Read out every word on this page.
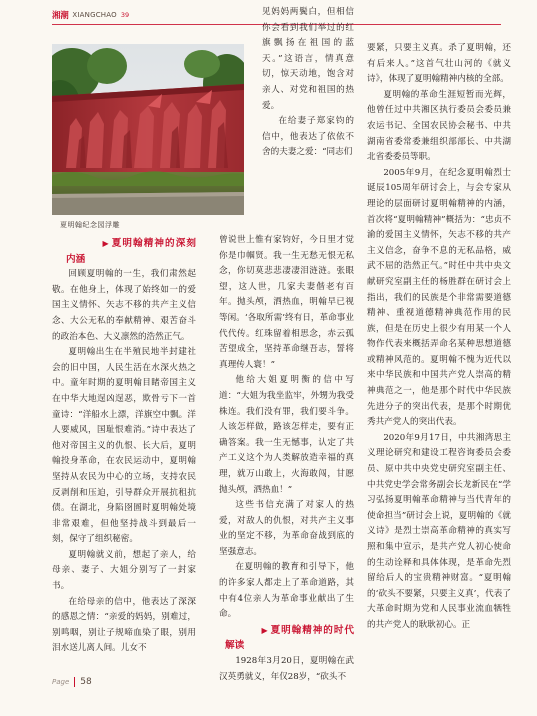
湘潮 XIANGCHAO 39
夏明翰纪念园浮雕

▶ 夏明翰精神的深刻内涵

回顾夏明翰的一生，我们肃然起敬。在他身上，体现了始终如一的爱国主义情怀、矢志不移的共产主义信念、大公无私的奉献精神、艰苦奋斗的政治本色、大义凛然的浩然正气。

夏明翰出生在半殖民地半封建社会的旧中国，人民生活在水深火热之中。童年时期的夏明翰目睹帝国主义在中华大地逞凶逞恶，欺骨亏下一首童诗：“洋船水上漂，洋旗空中飘。洋人要威风，国耻恨难消。”诗中表达了他对帝国主义的仇恨、长大后，夏明翰投身革命，在农民运动中，夏明翰坚持从农民为中心的立场，支持农民反剥削和压迫，引导群众开展抗租抗债。在湖北，身陷囹圄时夏明翰处境非常艰难，但他坚持战斗到最后一刻，保守了组织秘密。

夏明翰就义前，想起了亲人，给母亲、妻子、大姐分别写了一封家书。

在给母亲的信中，他表达了深深的感恩之情：“亲爱的妈妈，别难过，别鸣咽，别让子规啼血染了眼，别用泪水送儿离人间。儿女不

见妈妈两鬓白，但相信你会看到我们举过的红旗飘扬在祖国的蓝天。”这语言，情真意切，惊天动地，饱含对亲人、对党和祖国的热爱。

在给妻子郑家钧的信中，他表达了依依不舍的夫妻之爱：“同志们

曾说世上惟有家钧好，今日里才觉你是巾帼贤。我一生无愁无恨无私念，你切莫悲悲凄凄泪涟涟。张眼望，这人世，几家夫妻偕老有百年。抛头颅，洒热血，明翰早已视等闲。‘各取所需’终有日，革命事业代代传。红珠留着相思念，赤云孤苦望成全，坚持革命继吾志，誓将真理传人寰！”

他给大姐夏明衡的信中写道：“大姐为我坐监牢，外甥为我受株连。我们没有罪，我们要斗争。人该怎样做，路该怎样走，要有正确答案。我一生无憾事，认定了共产工义这个为人类解放造幸福的真理，就万山敢上，火海敢闯，甘愿抛头颅，洒热血！”

这些书信充满了对家人的热爱，对敌人的仇恨，对共产主义事业的坚定不移，为革命奋战到底的坚强意志。

在夏明翰的教育和引导下，他的许多家人都走上了革命道路，其中有4位亲人为革命事业献出了生命。

▶ 夏明翰精神的时代解读

1928年3月20日，夏明翰在武汉英勇就义，年仅28岁，“砍头不

要紧，只要主义真。杀了夏明翰，还有后来人。”这首气壮山河的《就义诗》，体现了夏明翰精神内核的全部。

夏明翰的革命生涯短暂而光辉，他曾任过中共湘区执行委员会委员兼农运书记、全国农民协会秘书、中共湖南省委常委兼组织部部长、中共湖北省委委员等职。

2005年9月，在纪念夏明翰烈士诞辰105周年研讨会上，与会专家从理论的层面研讨夏明翰精神的内涵，首次将“夏明翰精神”概括为：“忠贞不渝的爱国主义情怀，矢志不移的共产主义信念，奋争不息的无私品格，威武不屈的浩然正气。”时任中共中央文献研究室副主任的杨胜群在研讨会上指出，我们的民族是个非常需要道德精神、重视道德精神典范作用的民族，但是在历史上很少有用某一个人物作代表来概括弄命名某种思想道德或精神风范的。夏明翰不愧为近代以来中华民族和中国共产党人崇高的精神典范之一，他是那个时代中华民族先进分子的突出代表，是那个时期优秀共产党人的突出代表。

2020年9月17日，中共湘湾思主义理论研究和建设工程咨询委员会委员、原中共中央党史研究室副主任、中共党史学会常务副会长龙新民在“学习弘扬夏明翰革命精神与当代青年的使命担当”研讨会上说，夏明翰的《就义诗》是烈士崇高革命精神的真实写照和集中宣示，是共产党人初心使命的生动诠释和具体体现，是革命先烈留给后人的宝贵精神财富。“夏明翰的‘砍头不要紧，只要主义真’，代表了大革命时期为党和人民事业流血牺牲的共产党人的耿耿初心。正

Page 58
